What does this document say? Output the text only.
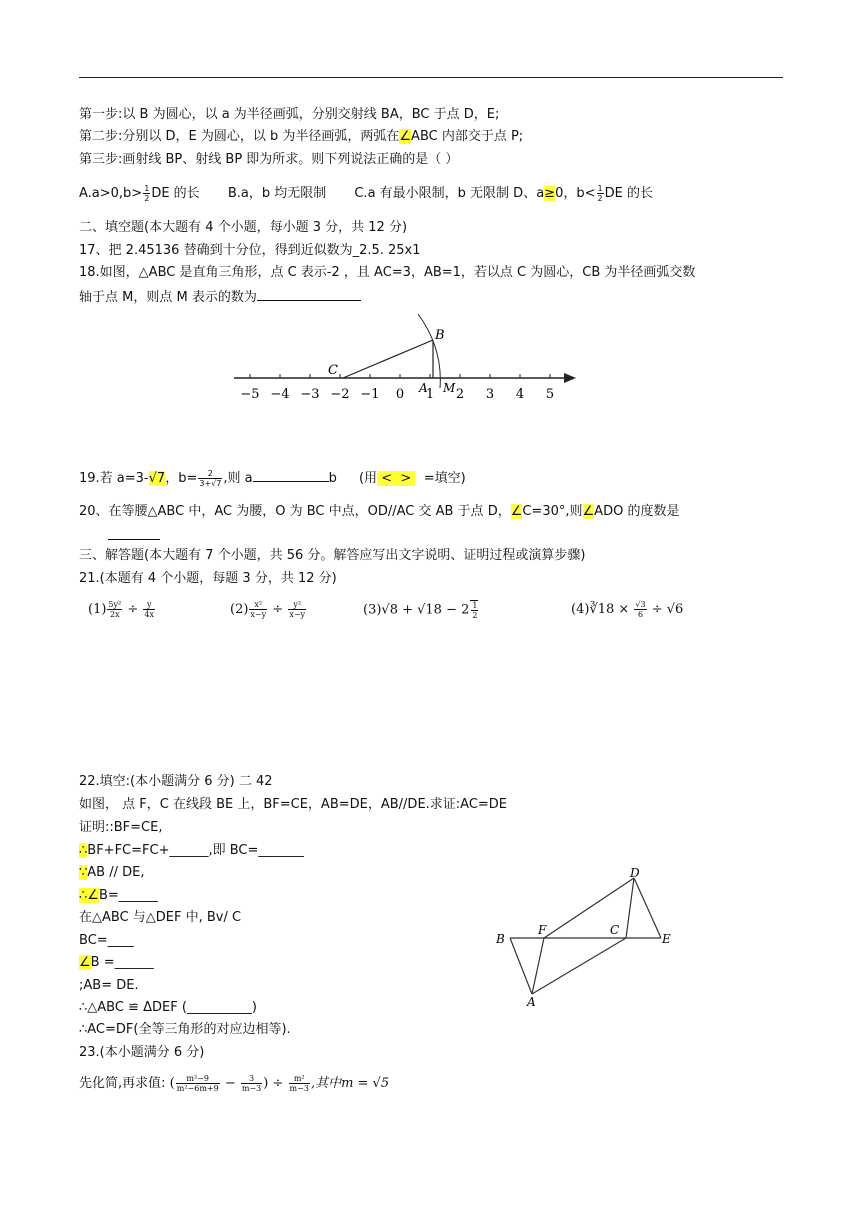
第一步:以 B 为圆心，以 a 为半径画弧，分别交射线 BA，BC 于点 D，E;
第二步:分别以 D，E 为圆心，以 b 为半径画弧，两弧在∠ABC 内部交于点 P;
第三步:画射线 BP、射线 BP 即为所求。则下列说法正确的是（ ）
$A.a>0,b> \frac{1}{2}$ DE 的长 B.a，b 均无限制 C.a 有最小限制，b 无限制 D、a≥0，$b< \frac{1}{2}$ DE 的长
二、填空题(本大题有 4 个小题，每小题 3 分，共 12 分)
17、把 2.45136 替确到十分位，得到近似数为_2.5. 25x1
18.如图，△ABC 是直角三角形，点 C 表示-2 ，且 AC=3，AB=1，若以点 C 为圆心，CB 为半径画弧交数
轴于点 M，则点 M 表示的数为
−5 −4 −3 −2 −1 0 1 2 3 4 5
C
B
A M
19.若 a=3-√7，$b= \frac{2}{3+√7}$ ,则 a	b (用 < > =填空)
20、在等腰△ABC 中，AC 为腰，O 为 BC 中点，OD//AC 交 AB 于点 D，∠C=30°,则∠ADO 的度数是
三、解答题(本大题有 7 个小题，共 56 分。解答应写出文字说明、证明过程或演算步骤)
21.(本题有 4 个小题，每题 3 分，共 12 分)
$(1) \frac{\text{5y²}}{2x} \div \frac{y}{4x}$	$(2) \frac{\text{x²}}{x-y} \div \frac{\text{y²}}{x-y}$	$(3)√8 + √18 - 2 \frac{1}{2}$	(4)∛18 × $\frac{√3}{6} \div √6$
22.填空:(本小题满分 6 分) 二 42
如图， 点 F，C 在线段 BE 上，BF=CE，AB=DE，AB//DE.求证:AC=DE
证明::BF=CE,
∴BF+FC=FC+______,即 BC=_______
∵AB // DE,
∴∠B=______
在△ABC 与△DEF 中, Bv/ C
BC=____
∠B =______
;AB= DE.
∴△ABC ≌ ΔDEF (__________)
∴AC=DF(全等三角形的对应边相等).
B
F	C
E
D
A
23.(本小题满分 6 分)
先化简,再求值: ( $\frac{\text{m²−9}}{\text{m²−6m+9}} - \frac{3}{m-3}$ ) ÷ $\frac{\text{m²}}{m-3}$ ,其中m = √5
